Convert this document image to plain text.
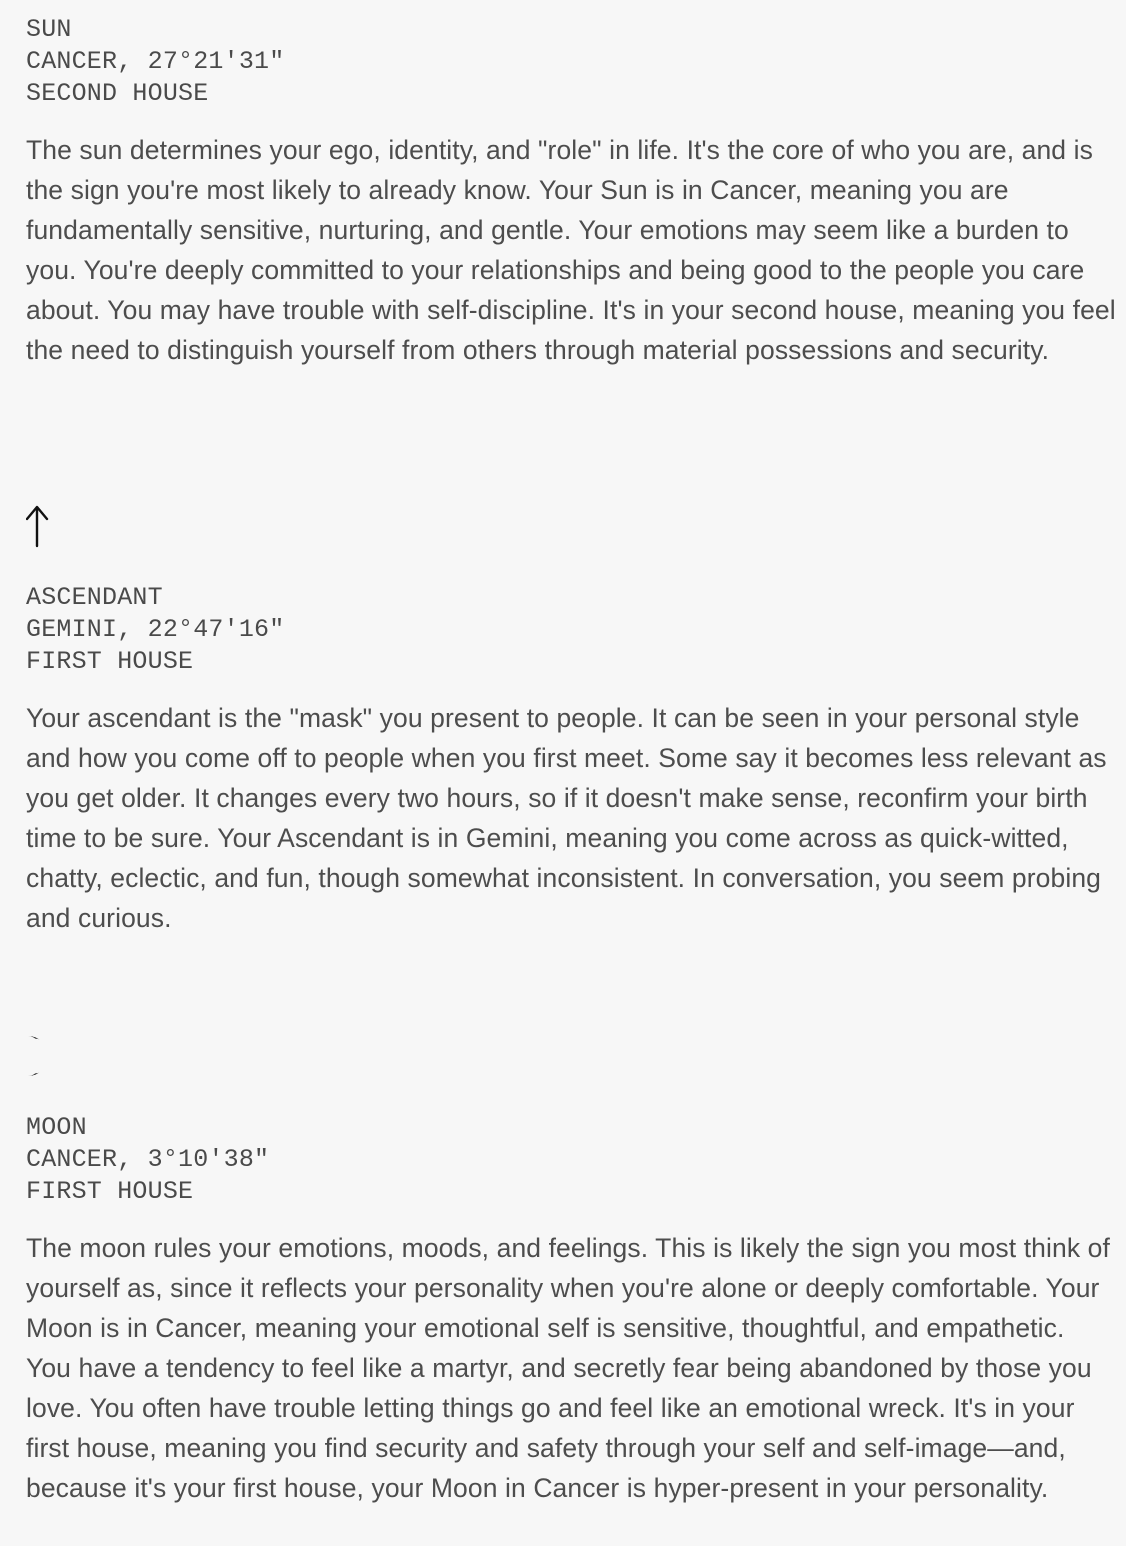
SUN
CANCER, 27°21'31"
SECOND HOUSE
The sun determines your ego, identity, and "role" in life. It's the core of who you are, and is the sign you're most likely to already know. Your Sun is in Cancer, meaning you are fundamentally sensitive, nurturing, and gentle. Your emotions may seem like a burden to you. You're deeply committed to your relationships and being good to the people you care about. You may have trouble with self-discipline. It's in your second house, meaning you feel the need to distinguish yourself from others through material possessions and security.
ASCENDANT
GEMINI, 22°47'16"
FIRST HOUSE
Your ascendant is the "mask" you present to people. It can be seen in your personal style and how you come off to people when you first meet. Some say it becomes less relevant as you get older. It changes every two hours, so if it doesn't make sense, reconfirm your birth time to be sure. Your Ascendant is in Gemini, meaning you come across as quick-witted, chatty, eclectic, and fun, though somewhat inconsistent. In conversation, you seem probing and curious.
MOON
CANCER, 3°10'38"
FIRST HOUSE
The moon rules your emotions, moods, and feelings. This is likely the sign you most think of yourself as, since it reflects your personality when you're alone or deeply comfortable. Your Moon is in Cancer, meaning your emotional self is sensitive, thoughtful, and empathetic. You have a tendency to feel like a martyr, and secretly fear being abandoned by those you love. You often have trouble letting things go and feel like an emotional wreck. It's in your first house, meaning you find security and safety through your self and self-image—and, because it's your first house, your Moon in Cancer is hyper-present in your personality.
